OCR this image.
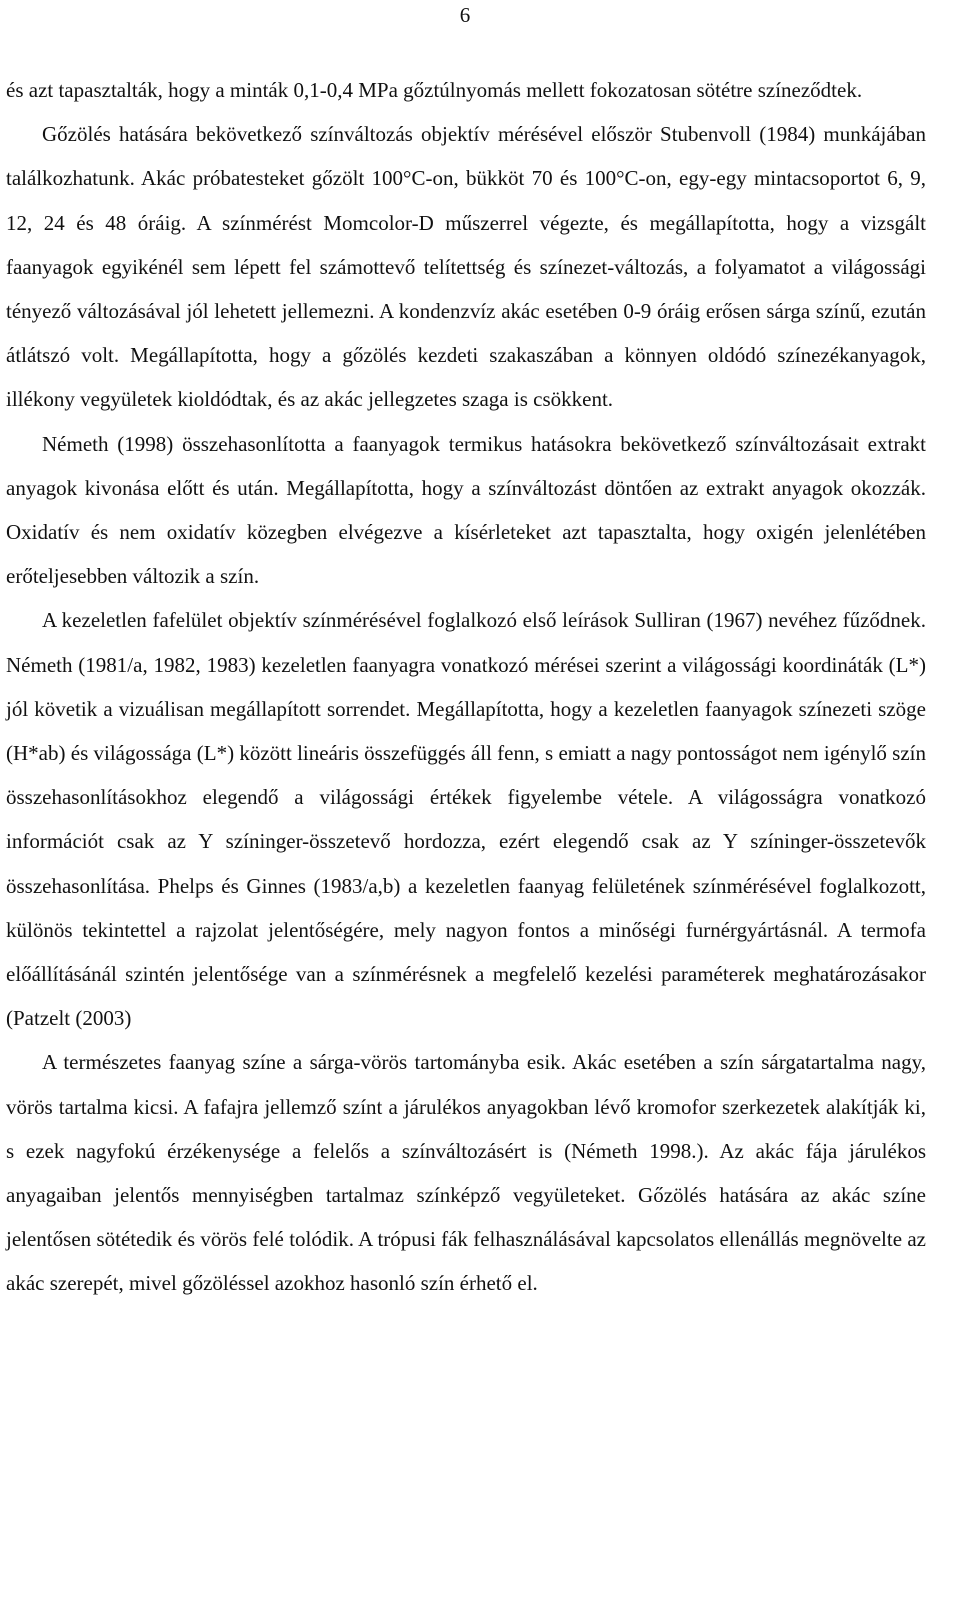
6

és azt tapasztalták, hogy a minták 0,1-0,4 MPa gőztúlnyomás mellett fokozatosan sötétre színeződtek.

Gőzölés hatására bekövetkező színváltozás objektív mérésével először Stubenvoll (1984) munkájában találkozhatunk. Akác próbatesteket gőzölt 100°C-on, bükköt 70 és 100°C-on, egy-egy mintacsoportot 6, 9, 12, 24 és 48 óráig. A színmérést Momcolor-D műszerrel végezte, és megállapította, hogy a vizsgált faanyagok egyikénél sem lépett fel számottevő telítettség és színezet-változás, a folyamatot a világossági tényező változásával jól lehetett jellemezni. A kondenzvíz akác esetében 0-9 óráig erősen sárga színű, ezután átlátszó volt. Megállapította, hogy a gőzölés kezdeti szakaszában a könnyen oldódó színezékanyagok, illékony vegyületek kioldódtak, és az akác jellegzetes szaga is csökkent.

Németh (1998) összehasonlította a faanyagok termikus hatásokra bekövetkező színváltozásait extrakt anyagok kivonása előtt és után. Megállapította, hogy a színváltozást döntően az extrakt anyagok okozzák. Oxidatív és nem oxidatív közegben elvégezve a kísérleteket azt tapasztalta, hogy oxigén jelenlétében erőteljesebben változik a szín.

A kezeletlen fafelület objektív színmérésével foglalkozó első leírások Sulliran (1967) nevéhez fűződnek. Németh (1981/a, 1982, 1983) kezeletlen faanyagra vonatkozó mérései szerint a világossági koordináták (L*) jól követik a vizuálisan megállapított sorrendet. Megállapította, hogy a kezeletlen faanyagok színezeti szöge (H*ab) és világossága (L*) között lineáris összefüggés áll fenn, s emiatt a nagy pontosságot nem igénylő szín összehasonlításokhoz elegendő a világossági értékek figyelembe vétele. A világosságra vonatkozó információt csak az Y színinger-összetevő hordozza, ezért elegendő csak az Y színinger-összetevők összehasonlítása. Phelps és Ginnes (1983/a,b) a kezeletlen faanyag felületének színmérésével foglalkozott, különös tekintettel a rajzolat jelentőségére, mely nagyon fontos a minőségi furnérgyártásnál. A termofa előállításánál szintén jelentősége van a színmérésnek a megfelelő kezelési paraméterek meghatározásakor (Patzelt (2003)

A természetes faanyag színe a sárga-vörös tartományba esik. Akác esetében a szín sárgatartalma nagy, vörös tartalma kicsi. A fafajra jellemző színt a járulékos anyagokban lévő kromofor szerkezetek alakítják ki, s ezek nagyfokú érzékenysége a felelős a színváltozásért is (Németh 1998.). Az akác fája járulékos anyagaiban jelentős mennyiségben tartalmaz színképző vegyületeket. Gőzölés hatására az akác színe jelentősen sötétedik és vörös felé tolódik. A trópusi fák felhasználásával kapcsolatos ellenállás megnövelte az akác szerepét, mivel gőzöléssel azokhoz hasonló szín érhető el.
